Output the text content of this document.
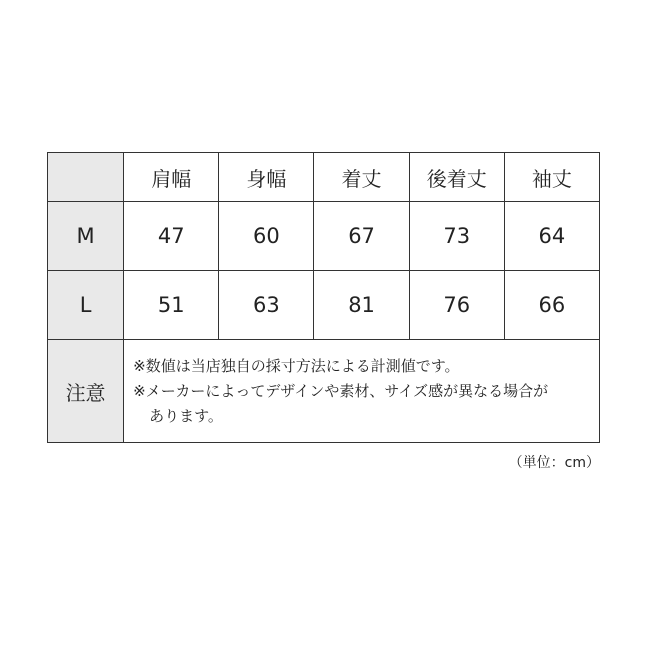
	肩幅	身幅	着丈	後着丈	袖丈
M	47	60	67	73	64
L	51	63	81	76	66
注意	※数値は当店独自の採寸方法による計測値です。
※メーカーによってデザインや素材、サイズ感が異なる場合が
あります。				
（単位：cm）
